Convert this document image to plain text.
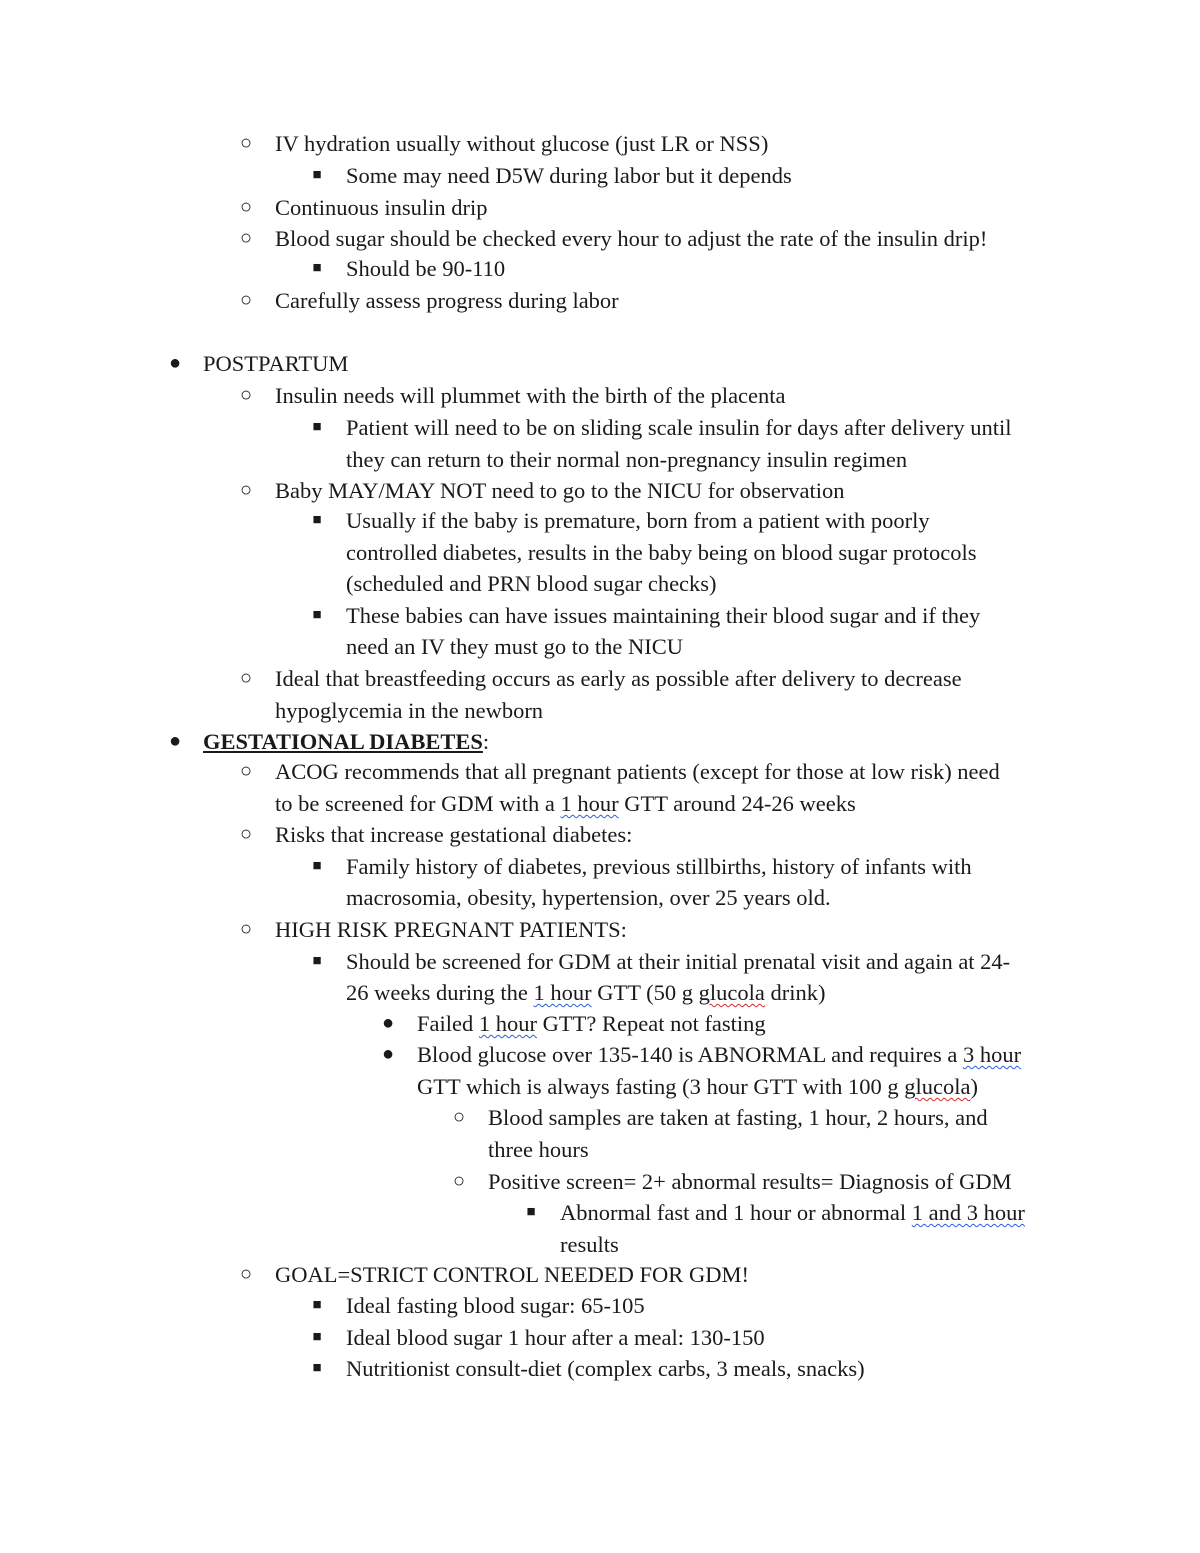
○ IV hydration usually without glucose (just LR or NSS)
■ Some may need D5W during labor but it depends
○ Continuous insulin drip
○ Blood sugar should be checked every hour to adjust the rate of the insulin drip!
■ Should be 90-110
○ Carefully assess progress during labor
● POSTPARTUM
○ Insulin needs will plummet with the birth of the placenta
■ Patient will need to be on sliding scale insulin for days after delivery until
they can return to their normal non-pregnancy insulin regimen
○ Baby MAY/MAY NOT need to go to the NICU for observation
■ Usually if the baby is premature, born from a patient with poorly
controlled diabetes, results in the baby being on blood sugar protocols
(scheduled and PRN blood sugar checks)
■ These babies can have issues maintaining their blood sugar and if they
need an IV they must go to the NICU
○ Ideal that breastfeeding occurs as early as possible after delivery to decrease
hypoglycemia in the newborn
● GESTATIONAL DIABETES:
○ ACOG recommends that all pregnant patients (except for those at low risk) need
to be screened for GDM with a 1 hour GTT around 24-26 weeks
○ Risks that increase gestational diabetes:
■ Family history of diabetes, previous stillbirths, history of infants with
macrosomia, obesity, hypertension, over 25 years old.
○ HIGH RISK PREGNANT PATIENTS:
■ Should be screened for GDM at their initial prenatal visit and again at 24-
26 weeks during the 1 hour GTT (50 g glucola drink)
● Failed 1 hour GTT? Repeat not fasting
● Blood glucose over 135-140 is ABNORMAL and requires a 3 hour
GTT which is always fasting (3 hour GTT with 100 g glucola)
○ Blood samples are taken at fasting, 1 hour, 2 hours, and
three hours
○ Positive screen= 2+ abnormal results= Diagnosis of GDM
■ Abnormal fast and 1 hour or abnormal 1 and 3 hour
results
○ GOAL=STRICT CONTROL NEEDED FOR GDM!
■ Ideal fasting blood sugar: 65-105
■ Ideal blood sugar 1 hour after a meal: 130-150
■ Nutritionist consult-diet (complex carbs, 3 meals, snacks)
